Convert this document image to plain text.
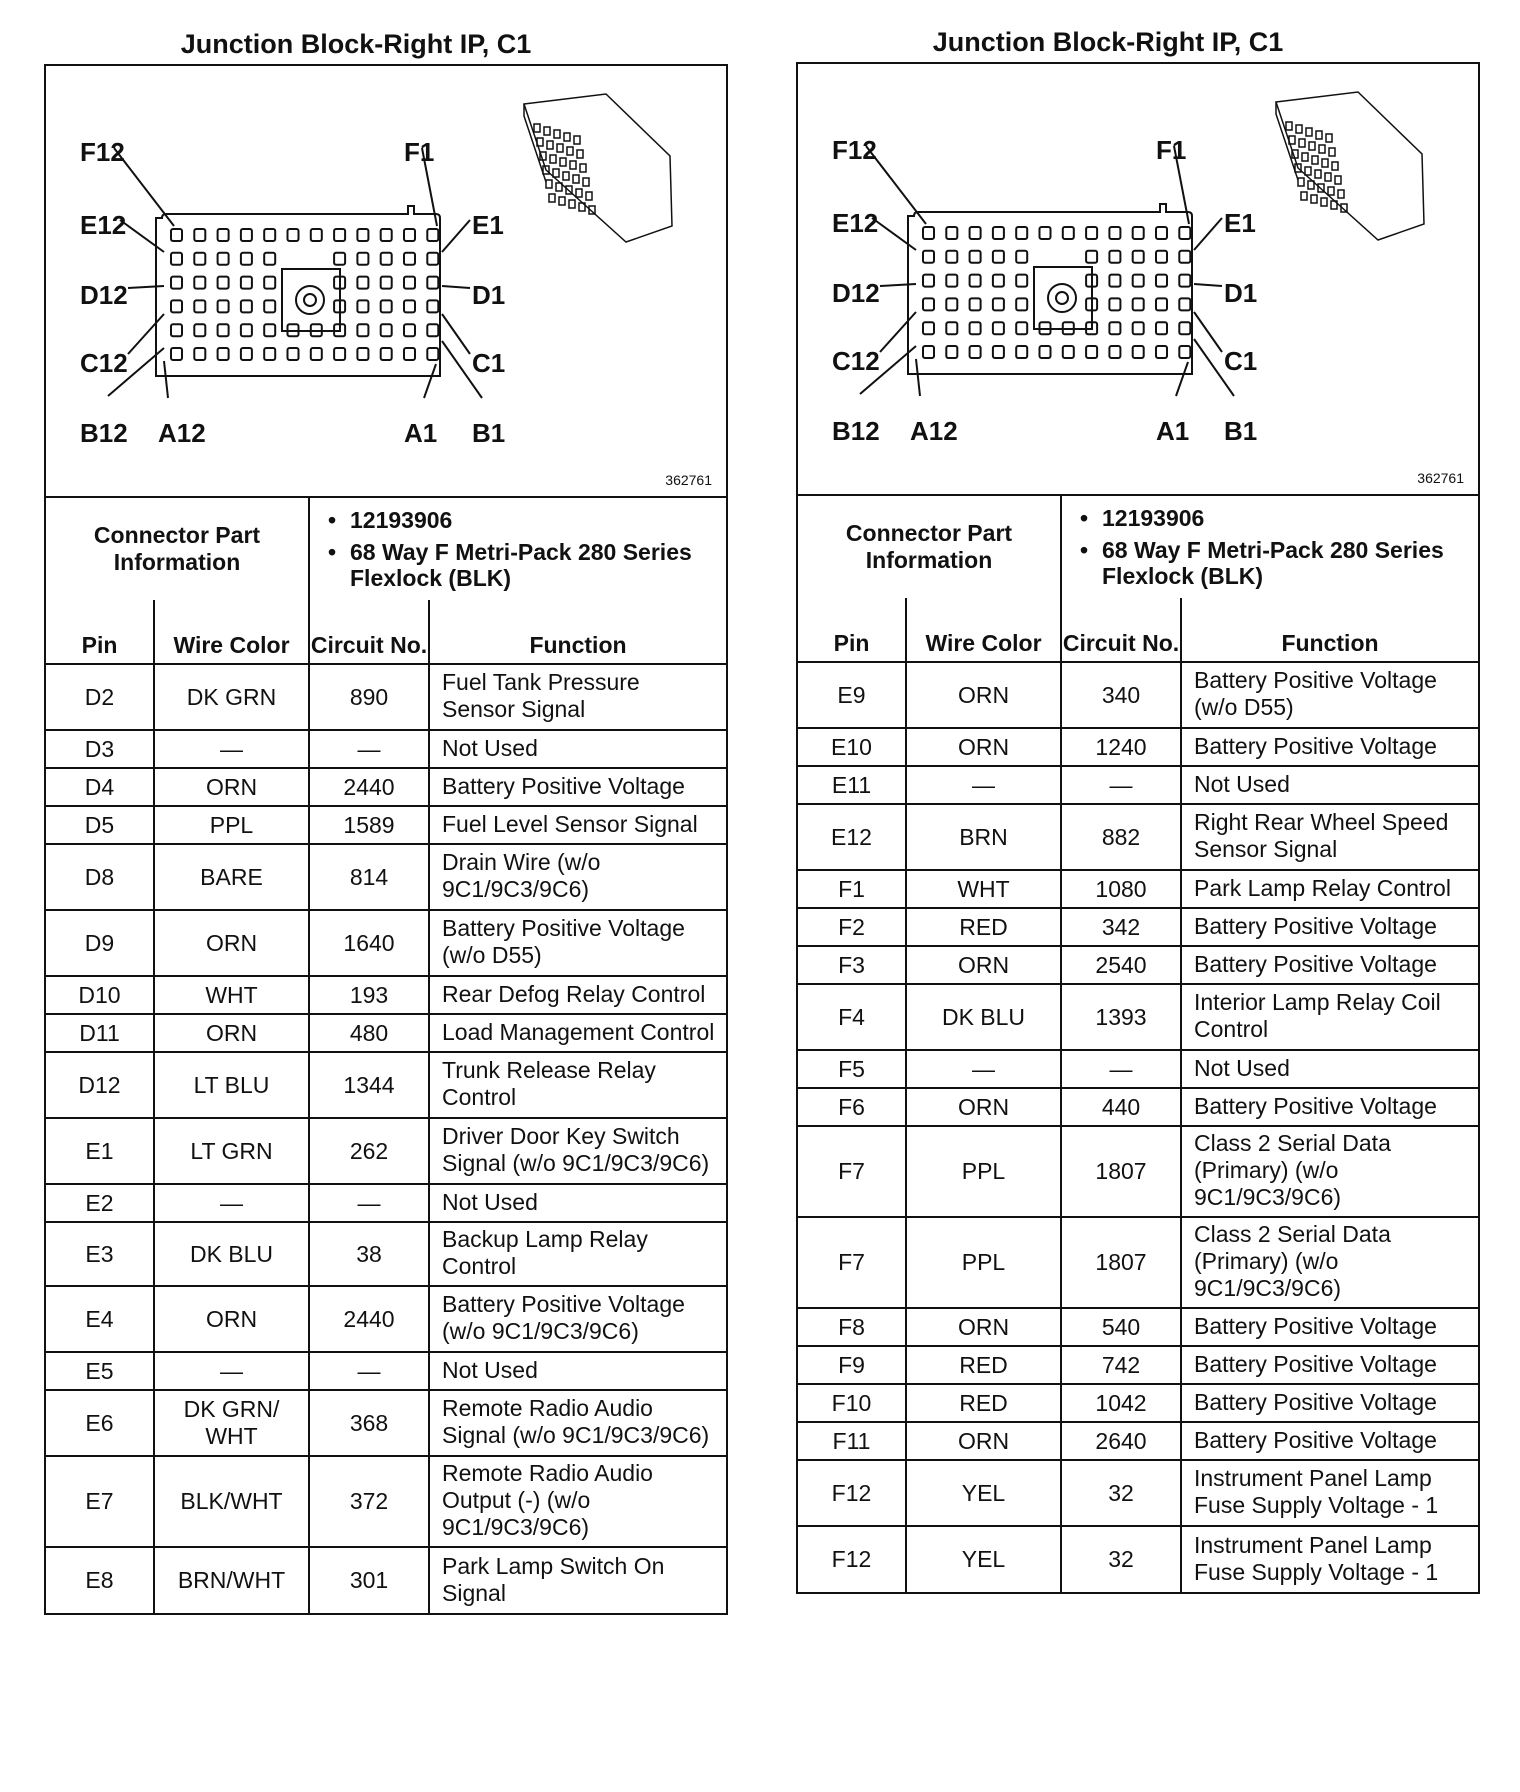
Junction Block-Right IP, C1
F12	F1
E12	E1
D12	D1
C12	C1
B12 A12	A1 B1
362761
Connector Part Information	
• 12193906
• 68 Way F Metri-Pack 280 Series Flexlock (BLK)
Pin	Wire Color	Circuit No.	Function
D2	DK GRN	890	Fuel Tank Pressure Sensor Signal
D3	—	—	Not Used
D4	ORN	2440	Battery Positive Voltage
D5	PPL	1589	Fuel Level Sensor Signal
D8	BARE	814	Drain Wire (w/o 9C1/9C3/9C6)
D9	ORN	1640	Battery Positive Voltage (w/o D55)
D10	WHT	193	Rear Defog Relay Control
D11	ORN	480	Load Management Control
D12	LT BLU	1344	Trunk Release Relay Control
E1	LT GRN	262	Driver Door Key Switch Signal (w/o 9C1/9C3/9C6)
E2	—	—	Not Used
E3	DK BLU	38	Backup Lamp Relay Control
E4	ORN	2440	Battery Positive Voltage (w/o 9C1/9C3/9C6)
E5	—	—	Not Used
E6	DK GRN/ WHT	368	Remote Radio Audio Signal (w/o 9C1/9C3/9C6)
E7	BLK/WHT	372	Remote Radio Audio Output (-) (w/o 9C1/9C3/9C6)
E8	BRN/WHT	301	Park Lamp Switch On Signal
Junction Block-Right IP, C1
F12	F1
E12	E1
D12	D1
C12	C1
B12 A12	A1 B1
362761
Connector Part Information	
• 12193906
• 68 Way F Metri-Pack 280 Series Flexlock (BLK)
Pin	Wire Color	Circuit No.	Function
E9	ORN	340	Battery Positive Voltage (w/o D55)
E10	ORN	1240	Battery Positive Voltage
E11	—	—	Not Used
E12	BRN	882	Right Rear Wheel Speed Sensor Signal
F1	WHT	1080	Park Lamp Relay Control
F2	RED	342	Battery Positive Voltage
F3	ORN	2540	Battery Positive Voltage
F4	DK BLU	1393	Interior Lamp Relay Coil Control
F5	—	—	Not Used
F6	ORN	440	Battery Positive Voltage
F7	PPL	1807	Class 2 Serial Data (Primary) (w/o 9C1/9C3/9C6)
F7	PPL	1807	Class 2 Serial Data (Primary) (w/o 9C1/9C3/9C6)
F8	ORN	540	Battery Positive Voltage
F9	RED	742	Battery Positive Voltage
F10	RED	1042	Battery Positive Voltage
F11	ORN	2640	Battery Positive Voltage
F12	YEL	32	Instrument Panel Lamp Fuse Supply Voltage - 1
F12	YEL	32	Instrument Panel Lamp Fuse Supply Voltage - 1
